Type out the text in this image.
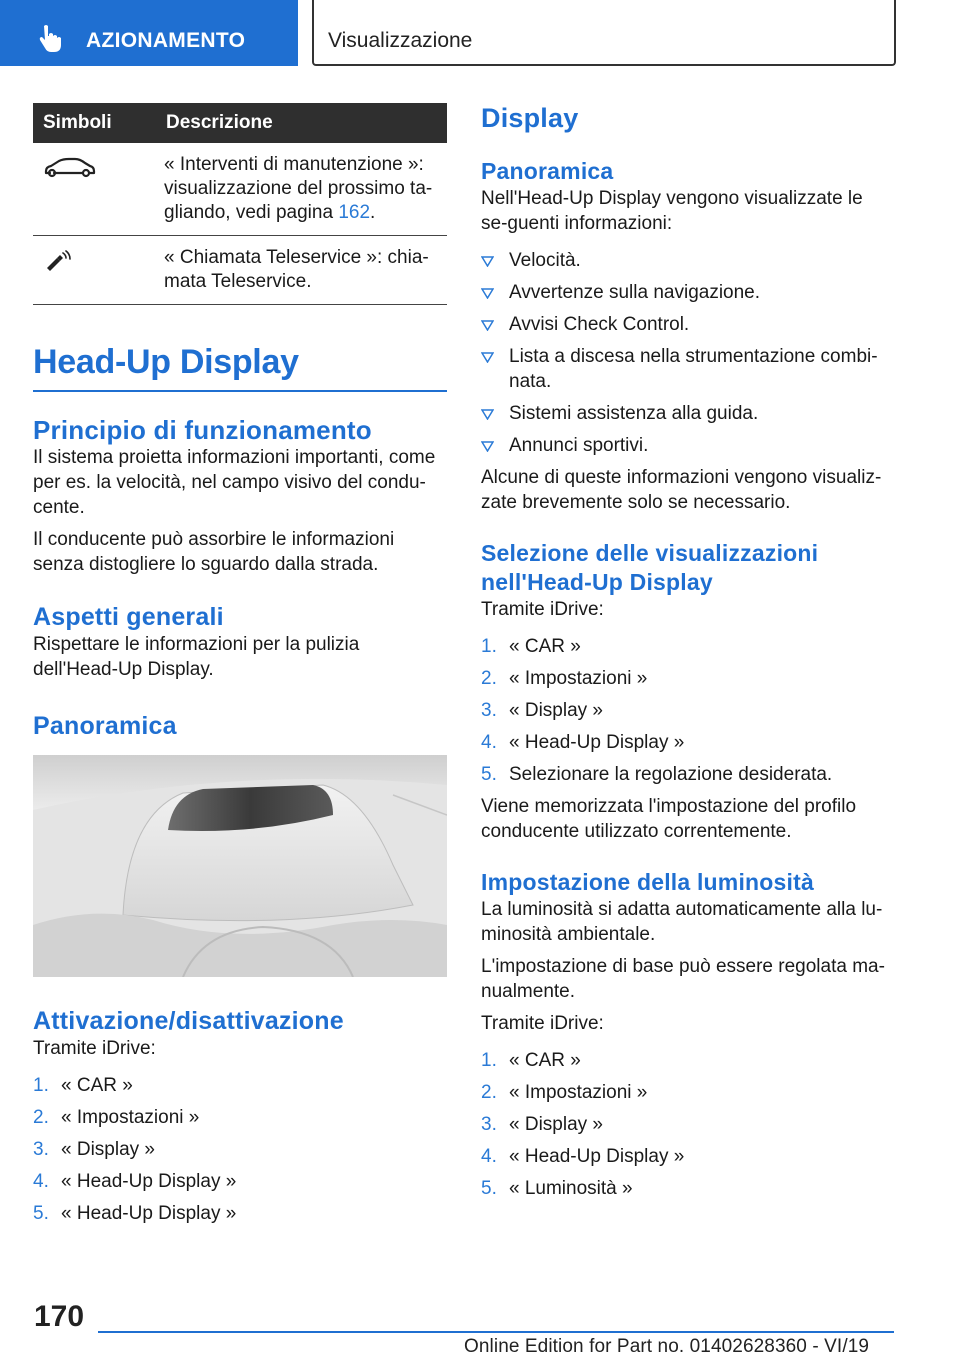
AZIONAMENTO	Visualizzazione
Simboli	Descrizione
	« Interventi di manutenzione »: visualizzazione del prossimo ta-gliando, vedi pagina 162.
	« Chiamata Teleservice »: chia-mata Teleservice.
Head-Up Display
Principio di funzionamento

Il sistema proietta informazioni importanti, come per es. la velocità, nel campo visivo del condu-cente.

Il conducente può assorbire le informazioni senza distogliere lo sguardo dalla strada.

Aspetti generali

Rispettare le informazioni per la pulizia dell'Head-Up Display.

Panoramica
Attivazione/disattivazione

Tramite iDrive:

1. « CAR »
2. « Impostazioni »
3. « Display »
4. « Head-Up Display »
5. « Head-Up Display »
Display
Panoramica

Nell'Head-Up Display vengono visualizzate le se-guenti informazioni:

Velocità.
Avvertenze sulla navigazione.
Avvisi Check Control.
Lista a discesa nella strumentazione combi-nata.
Sistemi assistenza alla guida.
Annunci sportivi.

Alcune di queste informazioni vengono visualiz-zate brevemente solo se necessario.

Selezione delle visualizzazioni nell'Head-Up Display

Tramite iDrive:

1. « CAR »
2. « Impostazioni »
3. « Display »
4. « Head-Up Display »
5. Selezionare la regolazione desiderata.

Viene memorizzata l'impostazione del profilo conducente utilizzato correntemente.

Impostazione della luminosità

La luminosità si adatta automaticamente alla lu-minosità ambientale.

L'impostazione di base può essere regolata ma-nualmente.

Tramite iDrive:

1. « CAR »
2. « Impostazioni »
3. « Display »
4. « Head-Up Display »
5. « Luminosità »
170
Online Edition for Part no. 01402628360 - VI/19
